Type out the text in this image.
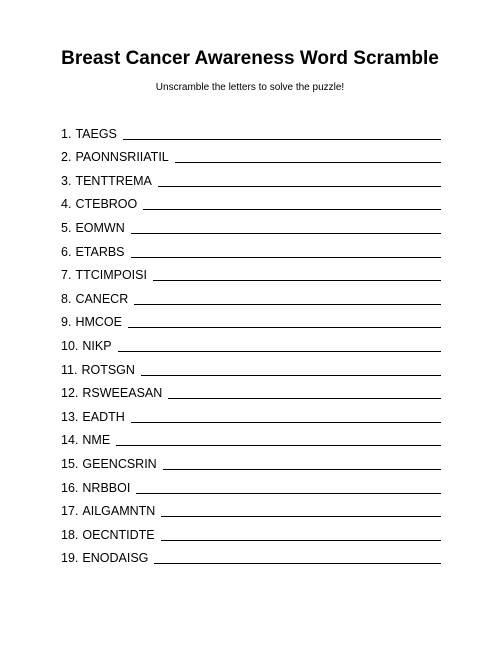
Breast Cancer Awareness Word Scramble
Unscramble the letters to solve the puzzle!
1. TAEGS
2. PAONNSRIIATIL
3. TENTTREMA
4. CTEBROO
5. EOMWN
6. ETARBS
7. TTCIMPOISI
8. CANECR
9. HMCOE
10. NIKP
11. ROTSGN
12. RSWEEASAN
13. EADTH
14. NME
15. GEENCSRIN
16. NRBBOI
17. AILGAMNTN
18. OECNTIDTE
19. ENODAISG
